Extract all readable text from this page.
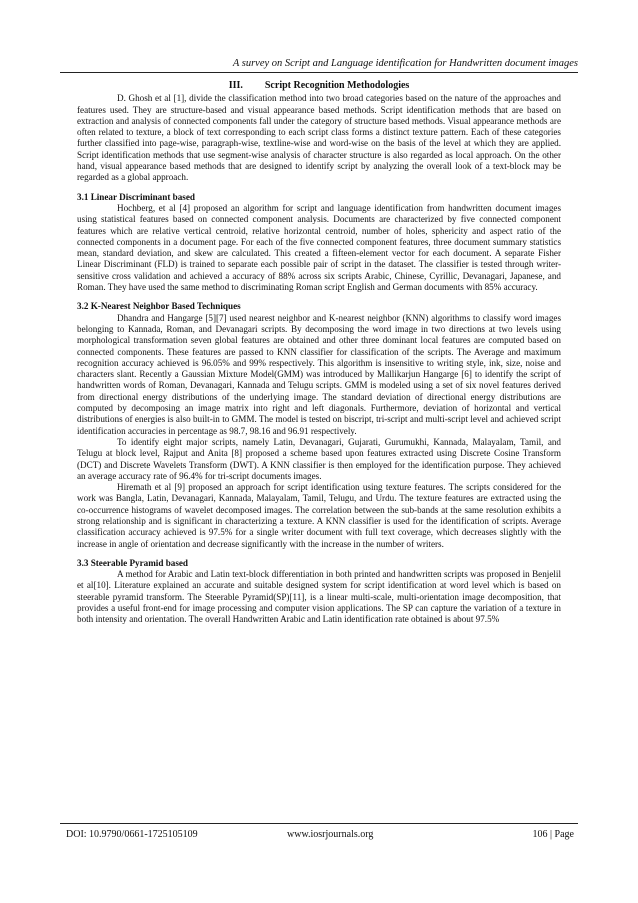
A survey on Script and Language identification for Handwritten document images
III. Script Recognition Methodologies

D. Ghosh et al [1], divide the classification method into two broad categories based on the nature of the approaches and features used. They are structure-based and visual appearance based methods. Script identification methods that are based on extraction and analysis of connected components fall under the category of structure based methods. Visual appearance methods are often related to texture, a block of text corresponding to each script class forms a distinct texture pattern. Each of these categories further classified into page-wise, paragraph-wise, textline-wise and word-wise on the basis of the level at which they are applied. Script identification methods that use segment-wise analysis of character structure is also regarded as local approach. On the other hand, visual appearance based methods that are designed to identify script by analyzing the overall look of a text-block may be regarded as a global approach.

3.1 Linear Discriminant based

Hochberg, et al [4] proposed an algorithm for script and language identification from handwritten document images using statistical features based on connected component analysis. Documents are characterized by five connected component features which are relative vertical centroid, relative horizontal centroid, number of holes, sphericity and aspect ratio of the connected components in a document page. For each of the five connected component features, three document summary statistics mean, standard deviation, and skew are calculated. This created a fifteen-element vector for each document. A separate Fisher Linear Discriminant (FLD) is trained to separate each possible pair of script in the dataset. The classifier is tested through writer-sensitive cross validation and achieved a accuracy of 88% across six scripts Arabic, Chinese, Cyrillic, Devanagari, Japanese, and Roman. They have used the same method to discriminating Roman script English and German documents with 85% accuracy.

3.2 K-Nearest Neighbor Based Techniques

Dhandra and Hangarge [5][7] used nearest neighbor and K-nearest neighbor (KNN) algorithms to classify word images belonging to Kannada, Roman, and Devanagari scripts. By decomposing the word image in two directions at two levels using morphological transformation seven global features are obtained and other three dominant local features are computed based on connected components. These features are passed to KNN classifier for classification of the scripts. The Average and maximum recognition accuracy achieved is 96.05% and 99% respectively. This algorithm is insensitive to writing style, ink, size, noise and characters slant. Recently a Gaussian Mixture Model(GMM) was introduced by Mallikarjun Hangarge [6] to identify the script of handwritten words of Roman, Devanagari, Kannada and Telugu scripts. GMM is modeled using a set of six novel features derived from directional energy distributions of the underlying image. The standard deviation of directional energy distributions are computed by decomposing an image matrix into right and left diagonals. Furthermore, deviation of horizontal and vertical distributions of energies is also built-in to GMM. The model is tested on biscript, tri-script and multi-script level and achieved script identification accuracies in percentage as 98.7, 98.16 and 96.91 respectively.

To identify eight major scripts, namely Latin, Devanagari, Gujarati, Gurumukhi, Kannada, Malayalam, Tamil, and Telugu at block level, Rajput and Anita [8] proposed a scheme based upon features extracted using Discrete Cosine Transform (DCT) and Discrete Wavelets Transform (DWT). A KNN classifier is then employed for the identification purpose. They achieved an average accuracy rate of 96.4% for tri-script documents images.

Hiremath et al [9] proposed an approach for script identification using texture features. The scripts considered for the work was Bangla, Latin, Devanagari, Kannada, Malayalam, Tamil, Telugu, and Urdu. The texture features are extracted using the co-occurrence histograms of wavelet decomposed images. The correlation between the sub-bands at the same resolution exhibits a strong relationship and is significant in characterizing a texture. A KNN classifier is used for the identification of scripts. Average classification accuracy achieved is 97.5% for a single writer document with full text coverage, which decreases slightly with the increase in angle of orientation and decrease significantly with the increase in the number of writers.

3.3 Steerable Pyramid based

A method for Arabic and Latin text-block differentiation in both printed and handwritten scripts was proposed in Benjelil et al[10]. Literature explained an accurate and suitable designed system for script identification at word level which is based on steerable pyramid transform. The Steerable Pyramid(SP)[11], is a linear multi-scale, multi-orientation image decomposition, that provides a useful front-end for image processing and computer vision applications. The SP can capture the variation of a texture in both intensity and orientation. The overall Handwritten Arabic and Latin identification rate obtained is about 97.5%

DOI: 10.9790/0661-1725105109	www.iosrjournals.org	106 | Page
